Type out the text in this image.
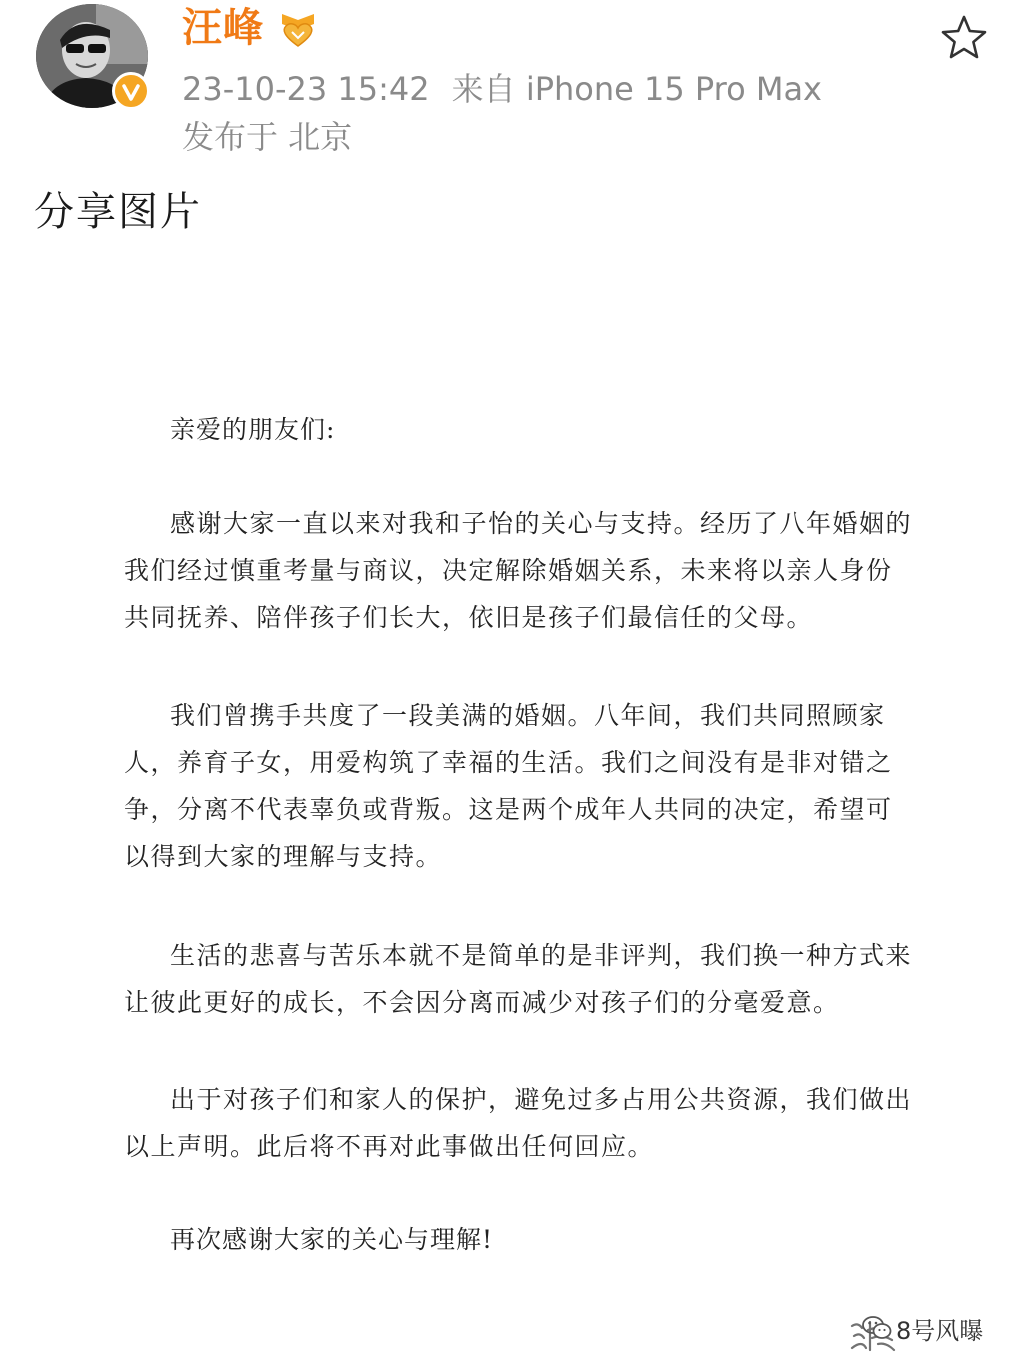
汪峰
23-10-23 15:42 来自 iPhone 15 Pro Max
发布于 北京
分享图片
亲爱的朋友们:

感谢大家一直以来对我和子怡的关心与支持。经历了八年婚姻的我们经过慎重考量与商议，决定解除婚姻关系，未来将以亲人身份共同抚养、陪伴孩子们长大，依旧是孩子们最信任的父母。

我们曾携手共度了一段美满的婚姻。八年间，我们共同照顾家人，养育子女，用爱构筑了幸福的生活。我们之间没有是非对错之争，分离不代表辜负或背叛。这是两个成年人共同的决定，希望可以得到大家的理解与支持。

生活的悲喜与苦乐本就不是简单的是非评判，我们换一种方式来让彼此更好的成长，不会因分离而减少对孩子们的分毫爱意。

出于对孩子们和家人的保护，避免过多占用公共资源，我们做出以上声明。此后将不再对此事做出任何回应。

再次感谢大家的关心与理解!
8号风曝
